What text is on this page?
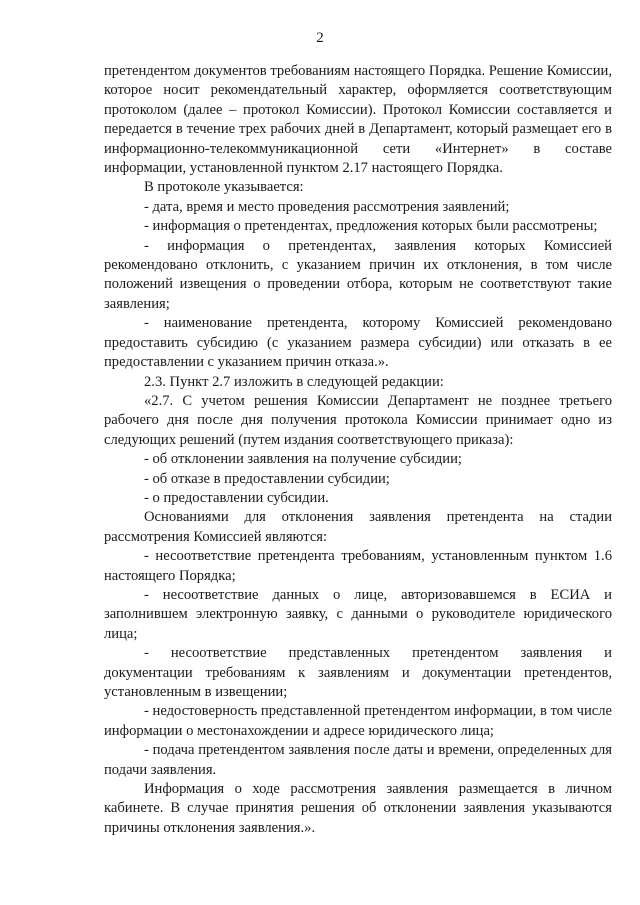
2

претендентом документов требованиям настоящего Порядка. Решение Комиссии, которое носит рекомендательный характер, оформляется соответствующим протоколом (далее – протокол Комиссии). Протокол Комиссии составляется и передается в течение трех рабочих дней в Департамент, который размещает его в информационно-телекоммуникационной сети «Интернет» в составе информации, установленной пунктом 2.17 настоящего Порядка.

В протоколе указывается:

- дата, время и место проведения рассмотрения заявлений;

- информация о претендентах, предложения которых были рассмотрены;

- информация о претендентах, заявления которых Комиссией рекомендовано отклонить, с указанием причин их отклонения, в том числе положений извещения о проведении отбора, которым не соответствуют такие заявления;

- наименование претендента, которому Комиссией рекомендовано предоставить субсидию (с указанием размера субсидии) или отказать в ее предоставлении с указанием причин отказа.».

2.3. Пункт 2.7 изложить в следующей редакции:

«2.7. С учетом решения Комиссии Департамент не позднее третьего рабочего дня после дня получения протокола Комиссии принимает одно из следующих решений (путем издания соответствующего приказа):

- об отклонении заявления на получение субсидии;

- об отказе в предоставлении субсидии;

- о предоставлении субсидии.

Основаниями для отклонения заявления претендента на стадии рассмотрения Комиссией являются:

- несоответствие претендента требованиям, установленным пунктом 1.6 настоящего Порядка;

- несоответствие данных о лице, авторизовавшемся в ЕСИА и заполнившем электронную заявку, с данными о руководителе юридического лица;

- несоответствие представленных претендентом заявления и документации требованиям к заявлениям и документации претендентов, установленным в извещении;

- недостоверность представленной претендентом информации, в том числе информации о местонахождении и адресе юридического лица;

- подача претендентом заявления после даты и времени, определенных для подачи заявления.

Информация о ходе рассмотрения заявления размещается в личном кабинете. В случае принятия решения об отклонении заявления указываются причины отклонения заявления.».
